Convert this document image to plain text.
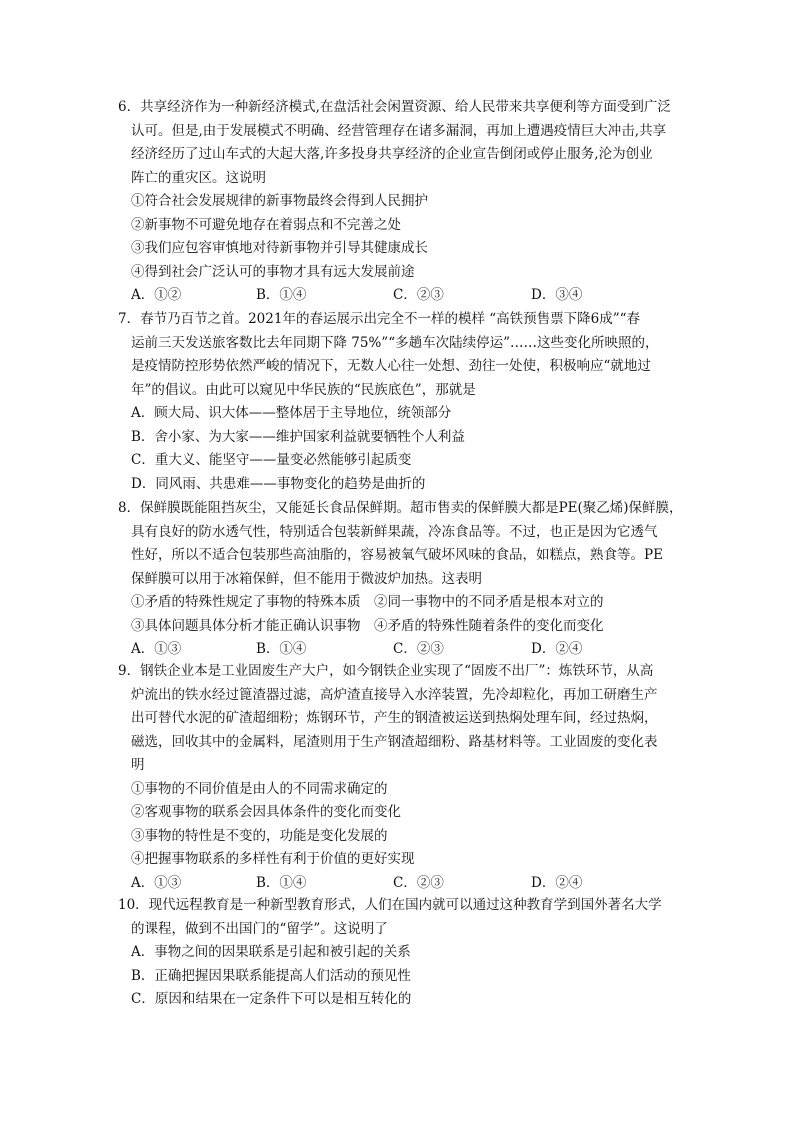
6．共享经济作为一种新经济模式,在盘活社会闲置资源、给人民带来共享便利等方面受到广泛
认可。但是,由于发展模式不明确、经营管理存在诸多漏洞，再加上遭遇疫情巨大冲击,共享
经济经历了过山车式的大起大落,许多投身共享经济的企业宣告倒闭或停止服务,沦为创业
阵亡的重灾区。这说明
①符合社会发展规律的新事物最终会得到人民拥护
②新事物不可避免地存在着弱点和不完善之处
③我们应包容审慎地对待新事物并引导其健康成长
④得到社会广泛认可的事物才具有远大发展前途
A．①②	B．①④	C．②③	D．③④
7．春节乃百节之首。2021年的春运展示出完全不一样的模样 “高铁预售票下降6成”“春
运前三天发送旅客数比去年同期下降 75%”“多趟车次陆续停运”……这些变化所映照的，
是疫情防控形势依然严峻的情况下，无数人心往一处想、劲往一处使，积极响应“就地过
年”的倡议。由此可以窥见中华民族的“民族底色”，那就是
A．顾大局、识大体——整体居于主导地位，统领部分
B．舍小家、为大家——维护国家利益就要牺牲个人利益
C．重大义、能坚守——量变必然能够引起质变
D．同风雨、共患难——事物变化的趋势是曲折的
8．保鲜膜既能阻挡灰尘，又能延长食品保鲜期。超市售卖的保鲜膜大都是PE(聚乙烯)保鲜膜，
具有良好的防水透气性，特别适合包装新鲜果蔬，冷冻食品等。不过，也正是因为它透气
性好，所以不适合包装那些高油脂的，容易被氧气破坏风味的食品，如糕点，熟食等。PE
保鲜膜可以用于冰箱保鲜，但不能用于微波炉加热。这表明
①矛盾的特殊性规定了事物的特殊本质 ②同一事物中的不同矛盾是根本对立的
③具体问题具体分析才能正确认识事物 ④矛盾的特殊性随着条件的变化而变化
A．①③	B．①④	C．②③	D．②④
9．钢铁企业本是工业固废生产大户，如今钢铁企业实现了“固废不出厂”：炼铁环节，从高
炉流出的铁水经过篦渣器过滤，高炉渣直接导入水淬装置，先冷却粒化，再加工研磨生产
出可替代水泥的矿渣超细粉；炼钢环节，产生的钢渣被运送到热焖处理车间，经过热焖，
磁选，回收其中的金属料，尾渣则用于生产钢渣超细粉、路基材料等。工业固废的变化表
明
①事物的不同价值是由人的不同需求确定的
②客观事物的联系会因具体条件的变化而变化
③事物的特性是不变的，功能是变化发展的
④把握事物联系的多样性有利于价值的更好实现
A．①③	B．①④	C．②③	D．②④
10．现代远程教育是一种新型教育形式，人们在国内就可以通过这种教育学到国外著名大学
的课程，做到不出国门的“留学”。这说明了
A．事物之间的因果联系是引起和被引起的关系
B．正确把握因果联系能提高人们活动的预见性
C．原因和结果在一定条件下可以是相互转化的
